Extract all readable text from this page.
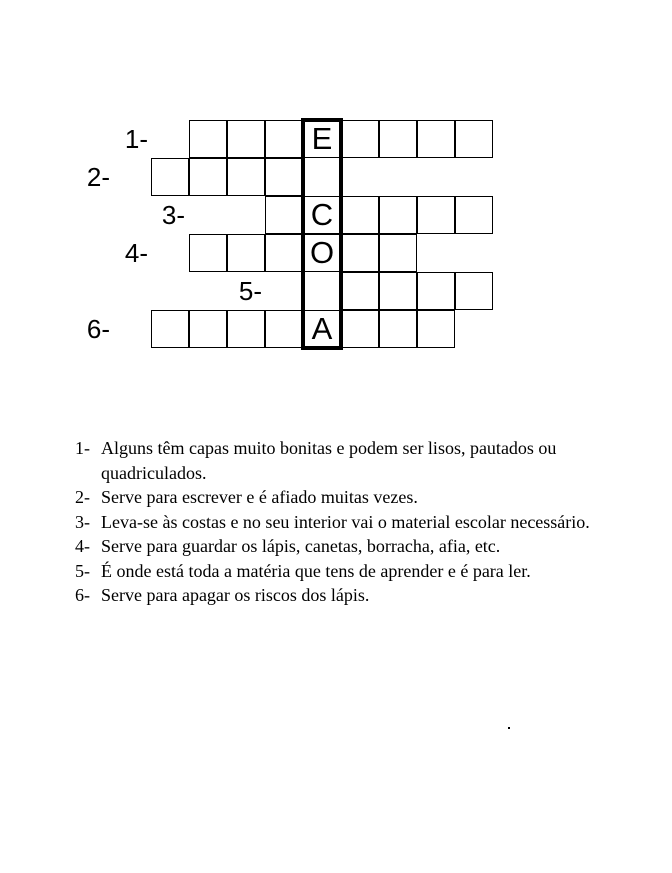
1-	E
2-
3-	C
4-	O
5-
6-	A
1- Alguns têm capas muito bonitas e podem ser lisos, pautados ou quadriculados.
2- Serve para escrever e é afiado muitas vezes.
3- Leva-se às costas e no seu interior vai o material escolar necessário.
4- Serve para guardar os lápis, canetas, borracha, afia, etc.
5- É onde está toda a matéria que tens de aprender e é para ler.
6- Serve para apagar os riscos dos lápis.
